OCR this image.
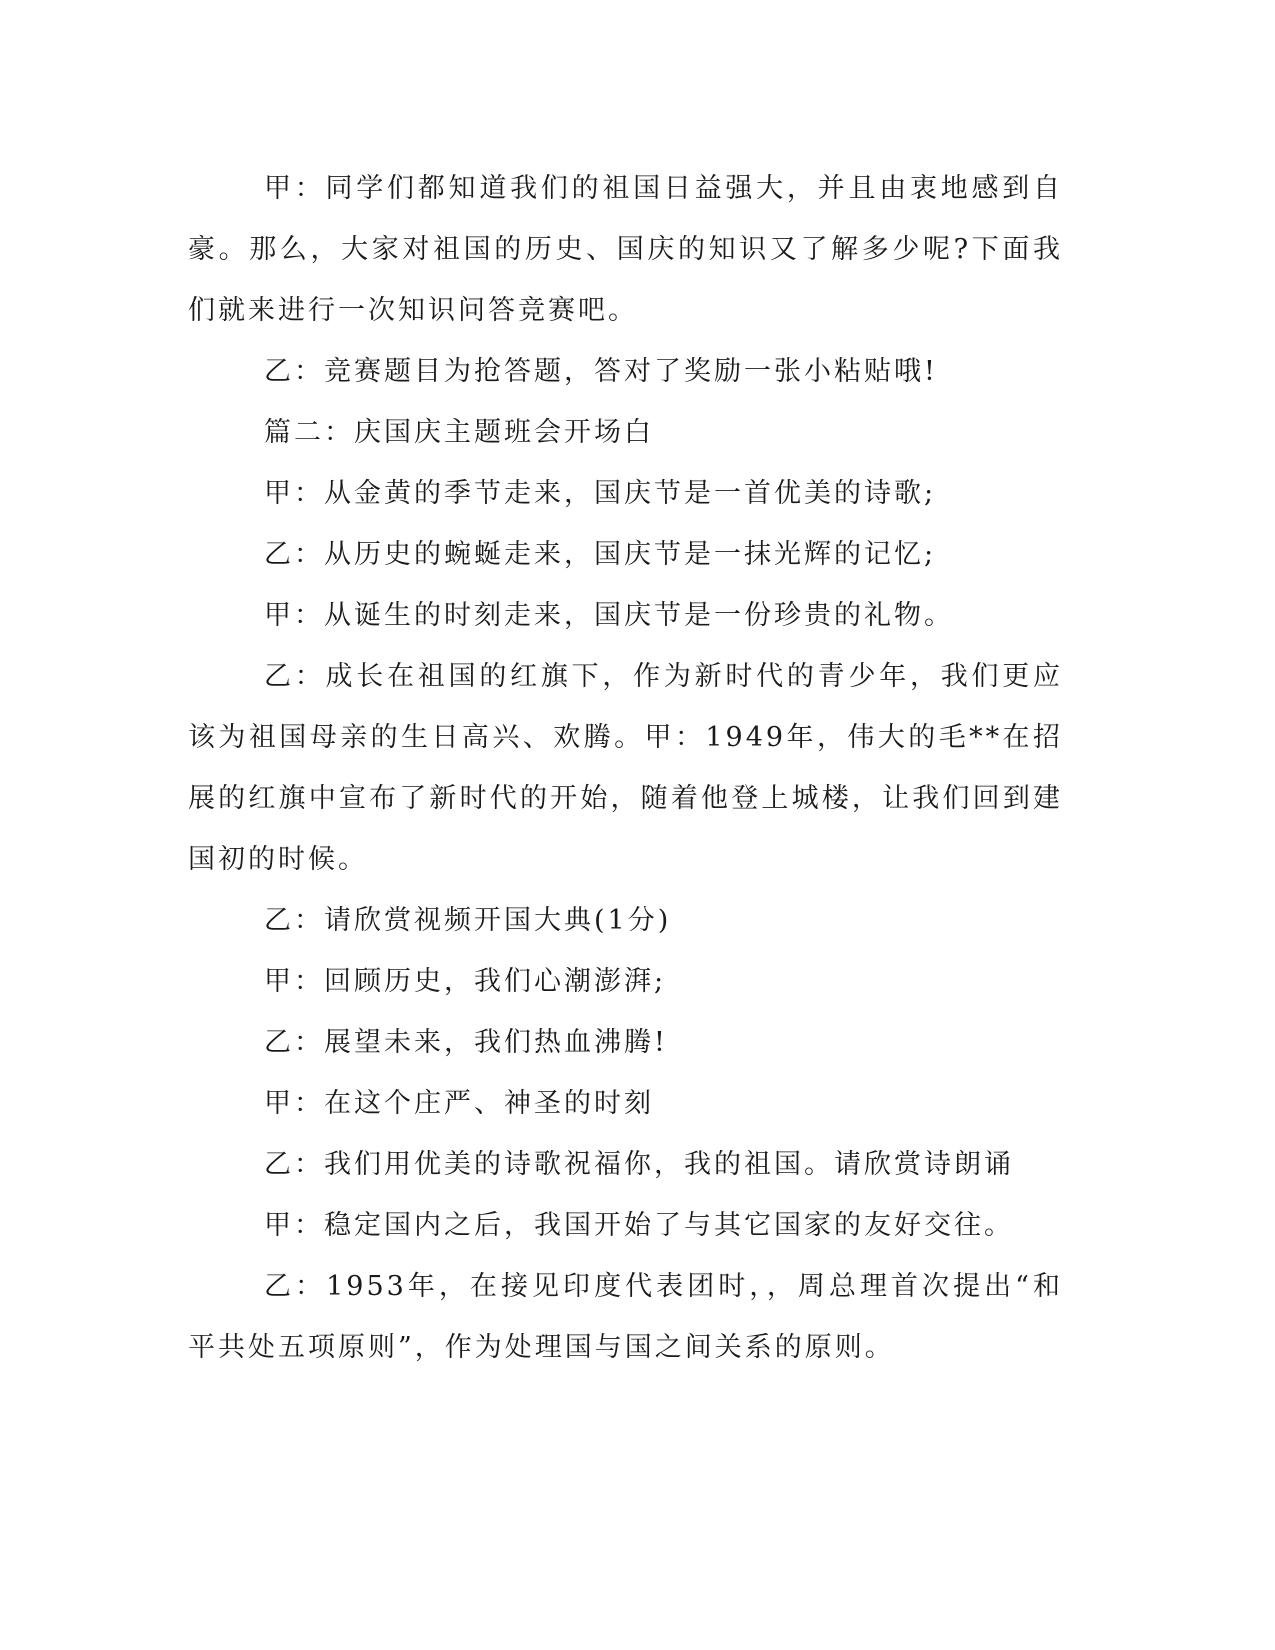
甲：同学们都知道我们的祖国日益强大，并且由衷地感到自豪。那么，大家对祖国的历史、国庆的知识又了解多少呢?下面我们就来进行一次知识问答竞赛吧。

乙：竞赛题目为抢答题，答对了奖励一张小粘贴哦!

篇二：庆国庆主题班会开场白

甲：从金黄的季节走来，国庆节是一首优美的诗歌;

乙：从历史的蜿蜒走来，国庆节是一抹光辉的记忆;

甲：从诞生的时刻走来，国庆节是一份珍贵的礼物。

乙：成长在祖国的红旗下，作为新时代的青少年，我们更应该为祖国母亲的生日高兴、欢腾。甲：1949年，伟大的毛**在招展的红旗中宣布了新时代的开始，随着他登上城楼，让我们回到建国初的时候。

乙：请欣赏视频开国大典(1分)

甲：回顾历史，我们心潮澎湃;

乙：展望未来，我们热血沸腾!

甲：在这个庄严、神圣的时刻

乙：我们用优美的诗歌祝福你，我的祖国。请欣赏诗朗诵

甲：稳定国内之后，我国开始了与其它国家的友好交往。

乙：1953年，在接见印度代表团时，，周总理首次提出“和平共处五项原则”，作为处理国与国之间关系的原则。
